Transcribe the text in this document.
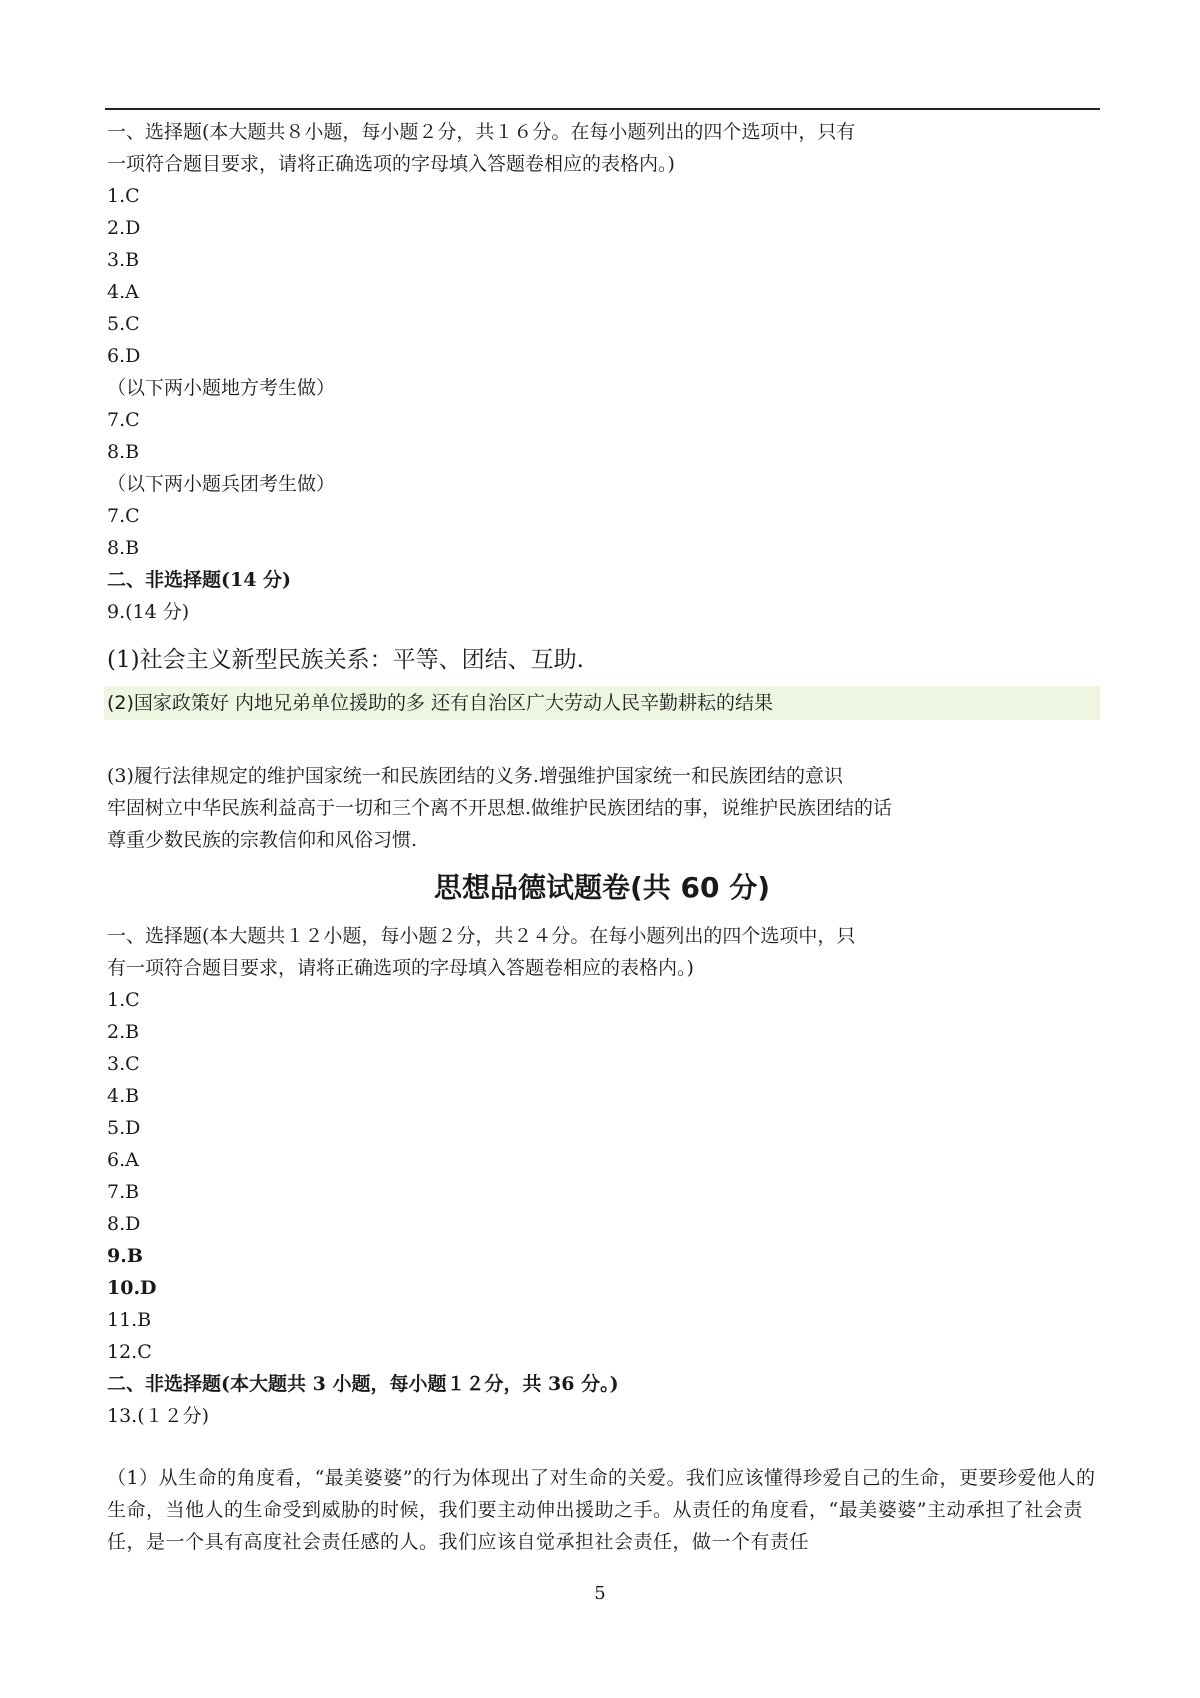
一、选择题(本大题共８小题，每小题２分，共１６分。在每小题列出的四个选项中，只有
一项符合题目要求，请将正确选项的字母填入答题卷相应的表格内。)
1.C
2.D
3.B
4.A
5.C
6.D
（以下两小题地方考生做）
7.C
8.B
（以下两小题兵团考生做）
7.C
8.B
二、非选择题(14 分)
9.(14 分)
(1)社会主义新型民族关系：平等、团结、互助.
(2)国家政策好 内地兄弟单位援助的多 还有自治区广大劳动人民辛勤耕耘的结果
(3)履行法律规定的维护国家统一和民族团结的义务.增强维护国家统一和民族团结的意识
牢固树立中华民族利益高于一切和三个离不开思想.做维护民族团结的事，说维护民族团结的话
尊重少数民族的宗教信仰和风俗习惯.
思想品德试题卷(共 60 分)
一、选择题(本大题共１２小题，每小题２分，共２４分。在每小题列出的四个选项中，只
有一项符合题目要求，请将正确选项的字母填入答题卷相应的表格内。)
1.C
2.B
3.C
4.B
5.D
6.A
7.B
8.D
9.B
10.D
11.B
12.C
二、非选择题(本大题共 3 小题，每小题１２分，共 36 分。)
13.(１２分)
（1）从生命的角度看，“最美婆婆”的行为体现出了对生命的关爱。我们应该懂得珍爱自己的生命，更要珍爱他人的生命，当他人的生命受到威胁的时候，我们要主动伸出援助之手。从责任的角度看，“最美婆婆”主动承担了社会责任，是一个具有高度社会责任感的人。我们应该自觉承担社会责任，做一个有责任
5
